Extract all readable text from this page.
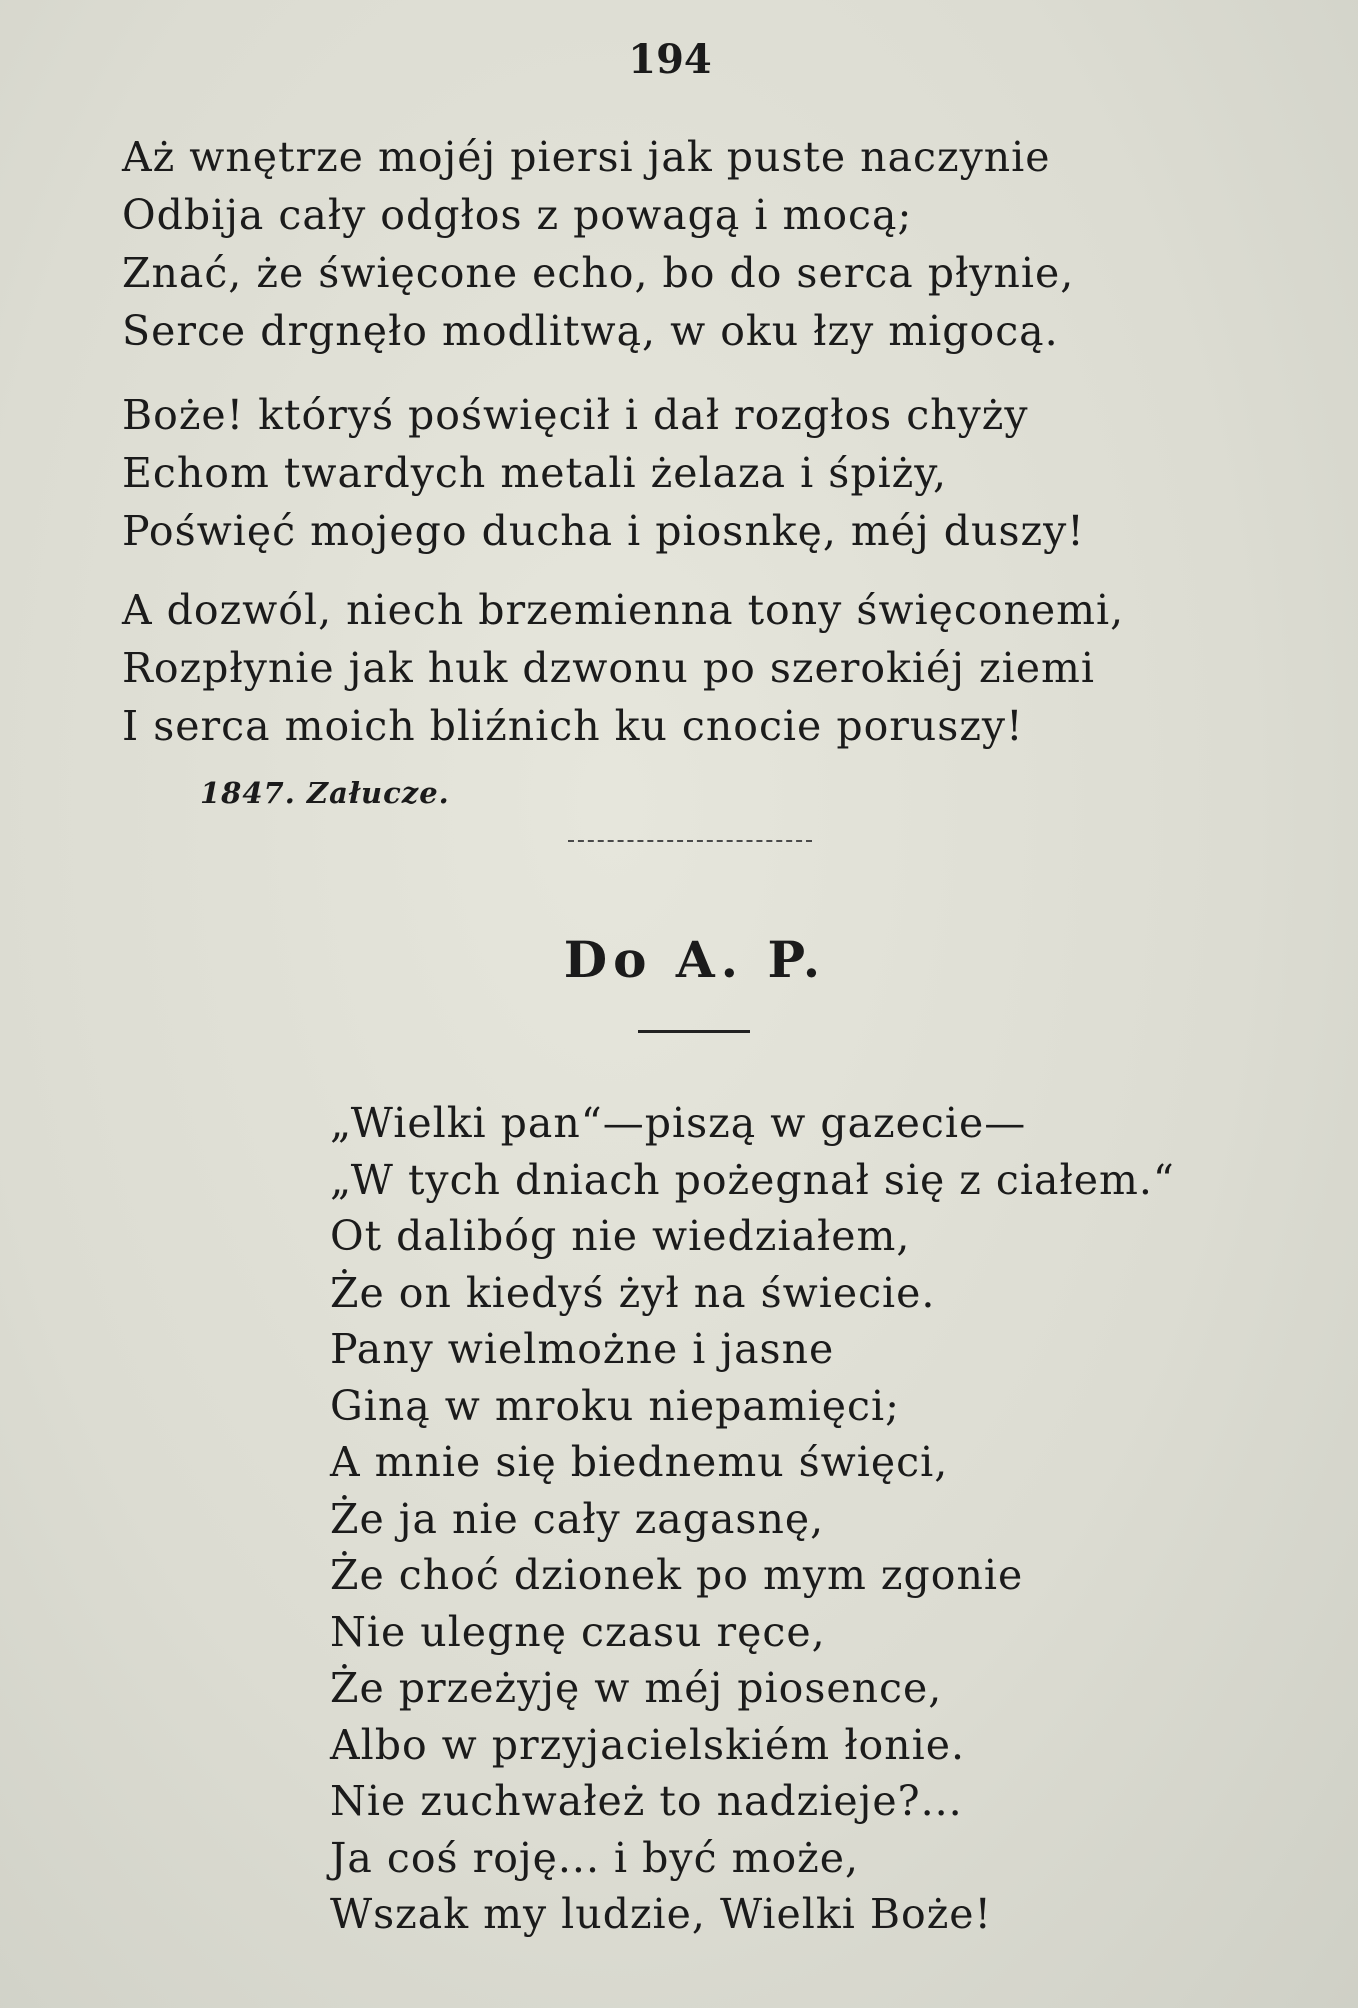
194
Aż wnętrze mojéj piersi jak puste naczynie
Odbija cały odgłos z powagą i mocą;
Znać, że święcone echo, bo do serca płynie,
Serce drgnęło modlitwą, w oku łzy migocą.
Boże! któryś poświęcił i dał rozgłos chyży
Echom twardych metali żelaza i śpiży,
Poświęć mojego ducha i piosnkę, méj duszy!
A dozwól, niech brzemienna tony święconemi,
Rozpłynie jak huk dzwonu po szerokiéj ziemi
I serca moich bliźnich ku cnocie poruszy!
1847. Załucze.
Do A. P.
„Wielki pan“—piszą w gazecie—
„W tych dniach pożegnał się z ciałem.“
Ot dalibóg nie wiedziałem,
Że on kiedyś żył na świecie.
Pany wielmożne i jasne
Giną w mroku niepamięci;
A mnie się biednemu święci,
Że ja nie cały zagasnę,
Że choć dzionek po mym zgonie
Nie ulegnę czasu ręce,
Że przeżyję w méj piosence,
Albo w przyjacielskiém łonie.
Nie zuchwałeż to nadzieje?...
Ja coś roję... i być może,
Wszak my ludzie, Wielki Boże!
